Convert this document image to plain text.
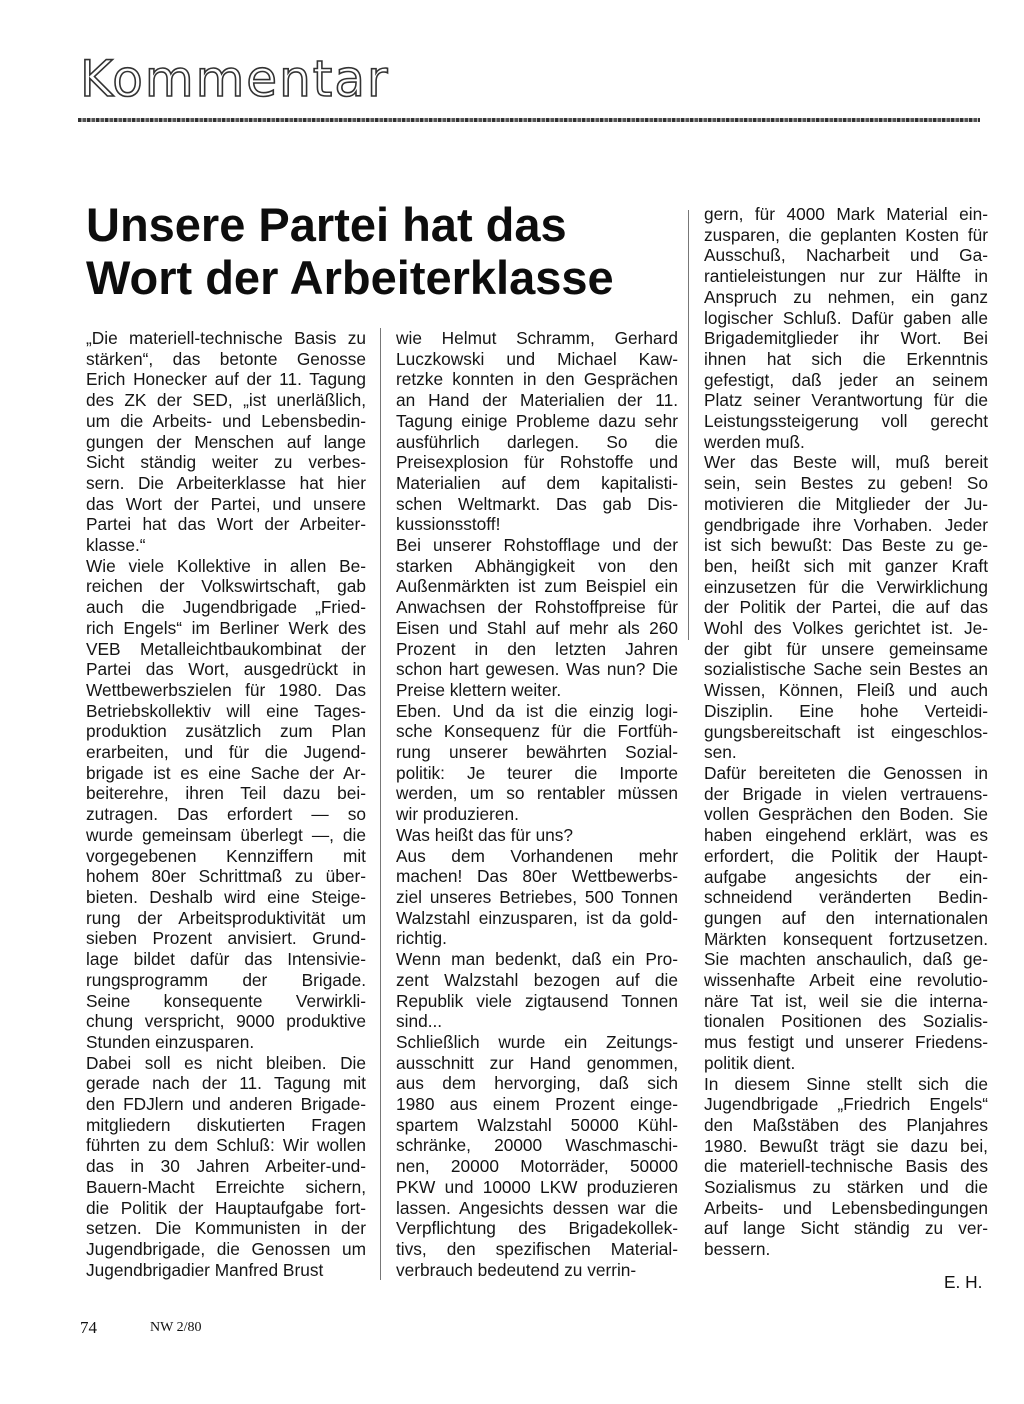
Kommentar
Unsere Partei hat das
Wort der Arbeiterklasse

„Die materiell-technische Basis zu

stärken“, das betonte Genosse

Erich Honecker auf der 11. Tagung

des ZK der SED, „ist unerläßlich,

um die Arbeits- und Lebensbedin-

gungen der Menschen auf lange

Sicht ständig weiter zu verbes-

sern. Die Arbeiterklasse hat hier

das Wort der Partei, und unsere

Partei hat das Wort der Arbeiter-

klasse.“

Wie viele Kollektive in allen Be-

reichen der Volkswirtschaft, gab

auch die Jugendbrigade „Fried-

rich Engels“ im Berliner Werk des

VEB Metalleichtbaukombinat der

Partei das Wort, ausgedrückt in

Wettbewerbszielen für 1980. Das

Betriebskollektiv will eine Tages-

produktion zusätzlich zum Plan

erarbeiten, und für die Jugend-

brigade ist es eine Sache der Ar-

beiterehre, ihren Teil dazu bei-

zutragen. Das erfordert — so

wurde gemeinsam überlegt —, die

vorgegebenen Kennziffern mit

hohem 80er Schrittmaß zu über-

bieten. Deshalb wird eine Steige-

rung der Arbeitsproduktivität um

sieben Prozent anvisiert. Grund-

lage bildet dafür das Intensivie-

rungsprogramm der Brigade.

Seine konsequente Verwirkli-

chung verspricht, 9000 produktive

Stunden einzusparen.

Dabei soll es nicht bleiben. Die

gerade nach der 11. Tagung mit

den FDJlern und anderen Brigade-

mitgliedern diskutierten Fragen

führten zu dem Schluß: Wir wollen

das in 30 Jahren Arbeiter-und-

Bauern-Macht Erreichte sichern,

die Politik der Hauptaufgabe fort-

setzen. Die Kommunisten in der

Jugendbrigade, die Genossen um

Jugendbrigadier Manfred Brust

wie Helmut Schramm, Gerhard

Luczkowski und Michael Kaw-

retzke konnten in den Gesprächen

an Hand der Materialien der 11.

Tagung einige Probleme dazu sehr

ausführlich darlegen. So die

Preisexplosion für Rohstoffe und

Materialien auf dem kapitalisti-

schen Weltmarkt. Das gab Dis-

kussionsstoff!

Bei unserer Rohstofflage und der

starken Abhängigkeit von den

Außenmärkten ist zum Beispiel ein

Anwachsen der Rohstoffpreise für

Eisen und Stahl auf mehr als 260

Prozent in den letzten Jahren

schon hart gewesen. Was nun? Die

Preise klettern weiter.

Eben. Und da ist die einzig logi-

sche Konsequenz für die Fortfüh-

rung unserer bewährten Sozial-

politik: Je teurer die Importe

werden, um so rentabler müssen

wir produzieren.

Was heißt das für uns?

Aus dem Vorhandenen mehr

machen! Das 80er Wettbewerbs-

ziel unseres Betriebes, 500 Tonnen

Walzstahl einzusparen, ist da gold-

richtig.

Wenn man bedenkt, daß ein Pro-

zent Walzstahl bezogen auf die

Republik viele zigtausend Tonnen

sind...

Schließlich wurde ein Zeitungs-

ausschnitt zur Hand genommen,

aus dem hervorging, daß sich

1980 aus einem Prozent einge-

spartem Walzstahl 50000 Kühl-

schränke, 20000 Waschmaschi-

nen, 20000 Motorräder, 50000

PKW und 10000 LKW produzieren

lassen. Angesichts dessen war die

Verpflichtung des Brigadekollek-

tivs, den spezifischen Material-

verbrauch bedeutend zu verrin-

gern, für 4000 Mark Material ein-

zusparen, die geplanten Kosten für

Ausschuß, Nacharbeit und Ga-

rantieleistungen nur zur Hälfte in

Anspruch zu nehmen, ein ganz

logischer Schluß. Dafür gaben alle

Brigademitglieder ihr Wort. Bei

ihnen hat sich die Erkenntnis

gefestigt, daß jeder an seinem

Platz seiner Verantwortung für die

Leistungssteigerung voll gerecht

werden muß.

Wer das Beste will, muß bereit

sein, sein Bestes zu geben! So

motivieren die Mitglieder der Ju-

gendbrigade ihre Vorhaben. Jeder

ist sich bewußt: Das Beste zu ge-

ben, heißt sich mit ganzer Kraft

einzusetzen für die Verwirklichung

der Politik der Partei, die auf das

Wohl des Volkes gerichtet ist. Je-

der gibt für unsere gemeinsame

sozialistische Sache sein Bestes an

Wissen, Können, Fleiß und auch

Disziplin. Eine hohe Verteidi-

gungsbereitschaft ist eingeschlos-

sen.

Dafür bereiteten die Genossen in

der Brigade in vielen vertrauens-

vollen Gesprächen den Boden. Sie

haben eingehend erklärt, was es

erfordert, die Politik der Haupt-

aufgabe angesichts der ein-

schneidend veränderten Bedin-

gungen auf den internationalen

Märkten konsequent fortzusetzen.

Sie machten anschaulich, daß ge-

wissenhafte Arbeit eine revolutio-

näre Tat ist, weil sie die interna-

tionalen Positionen des Sozialis-

mus festigt und unserer Friedens-

politik dient.

In diesem Sinne stellt sich die

Jugendbrigade „Friedrich Engels“

den Maßstäben des Planjahres

1980. Bewußt trägt sie dazu bei,

die materiell-technische Basis des

Sozialismus zu stärken und die

Arbeits- und Lebensbedingungen

auf lange Sicht ständig zu ver-

bessern.

E. H.
74	NW 2/80
